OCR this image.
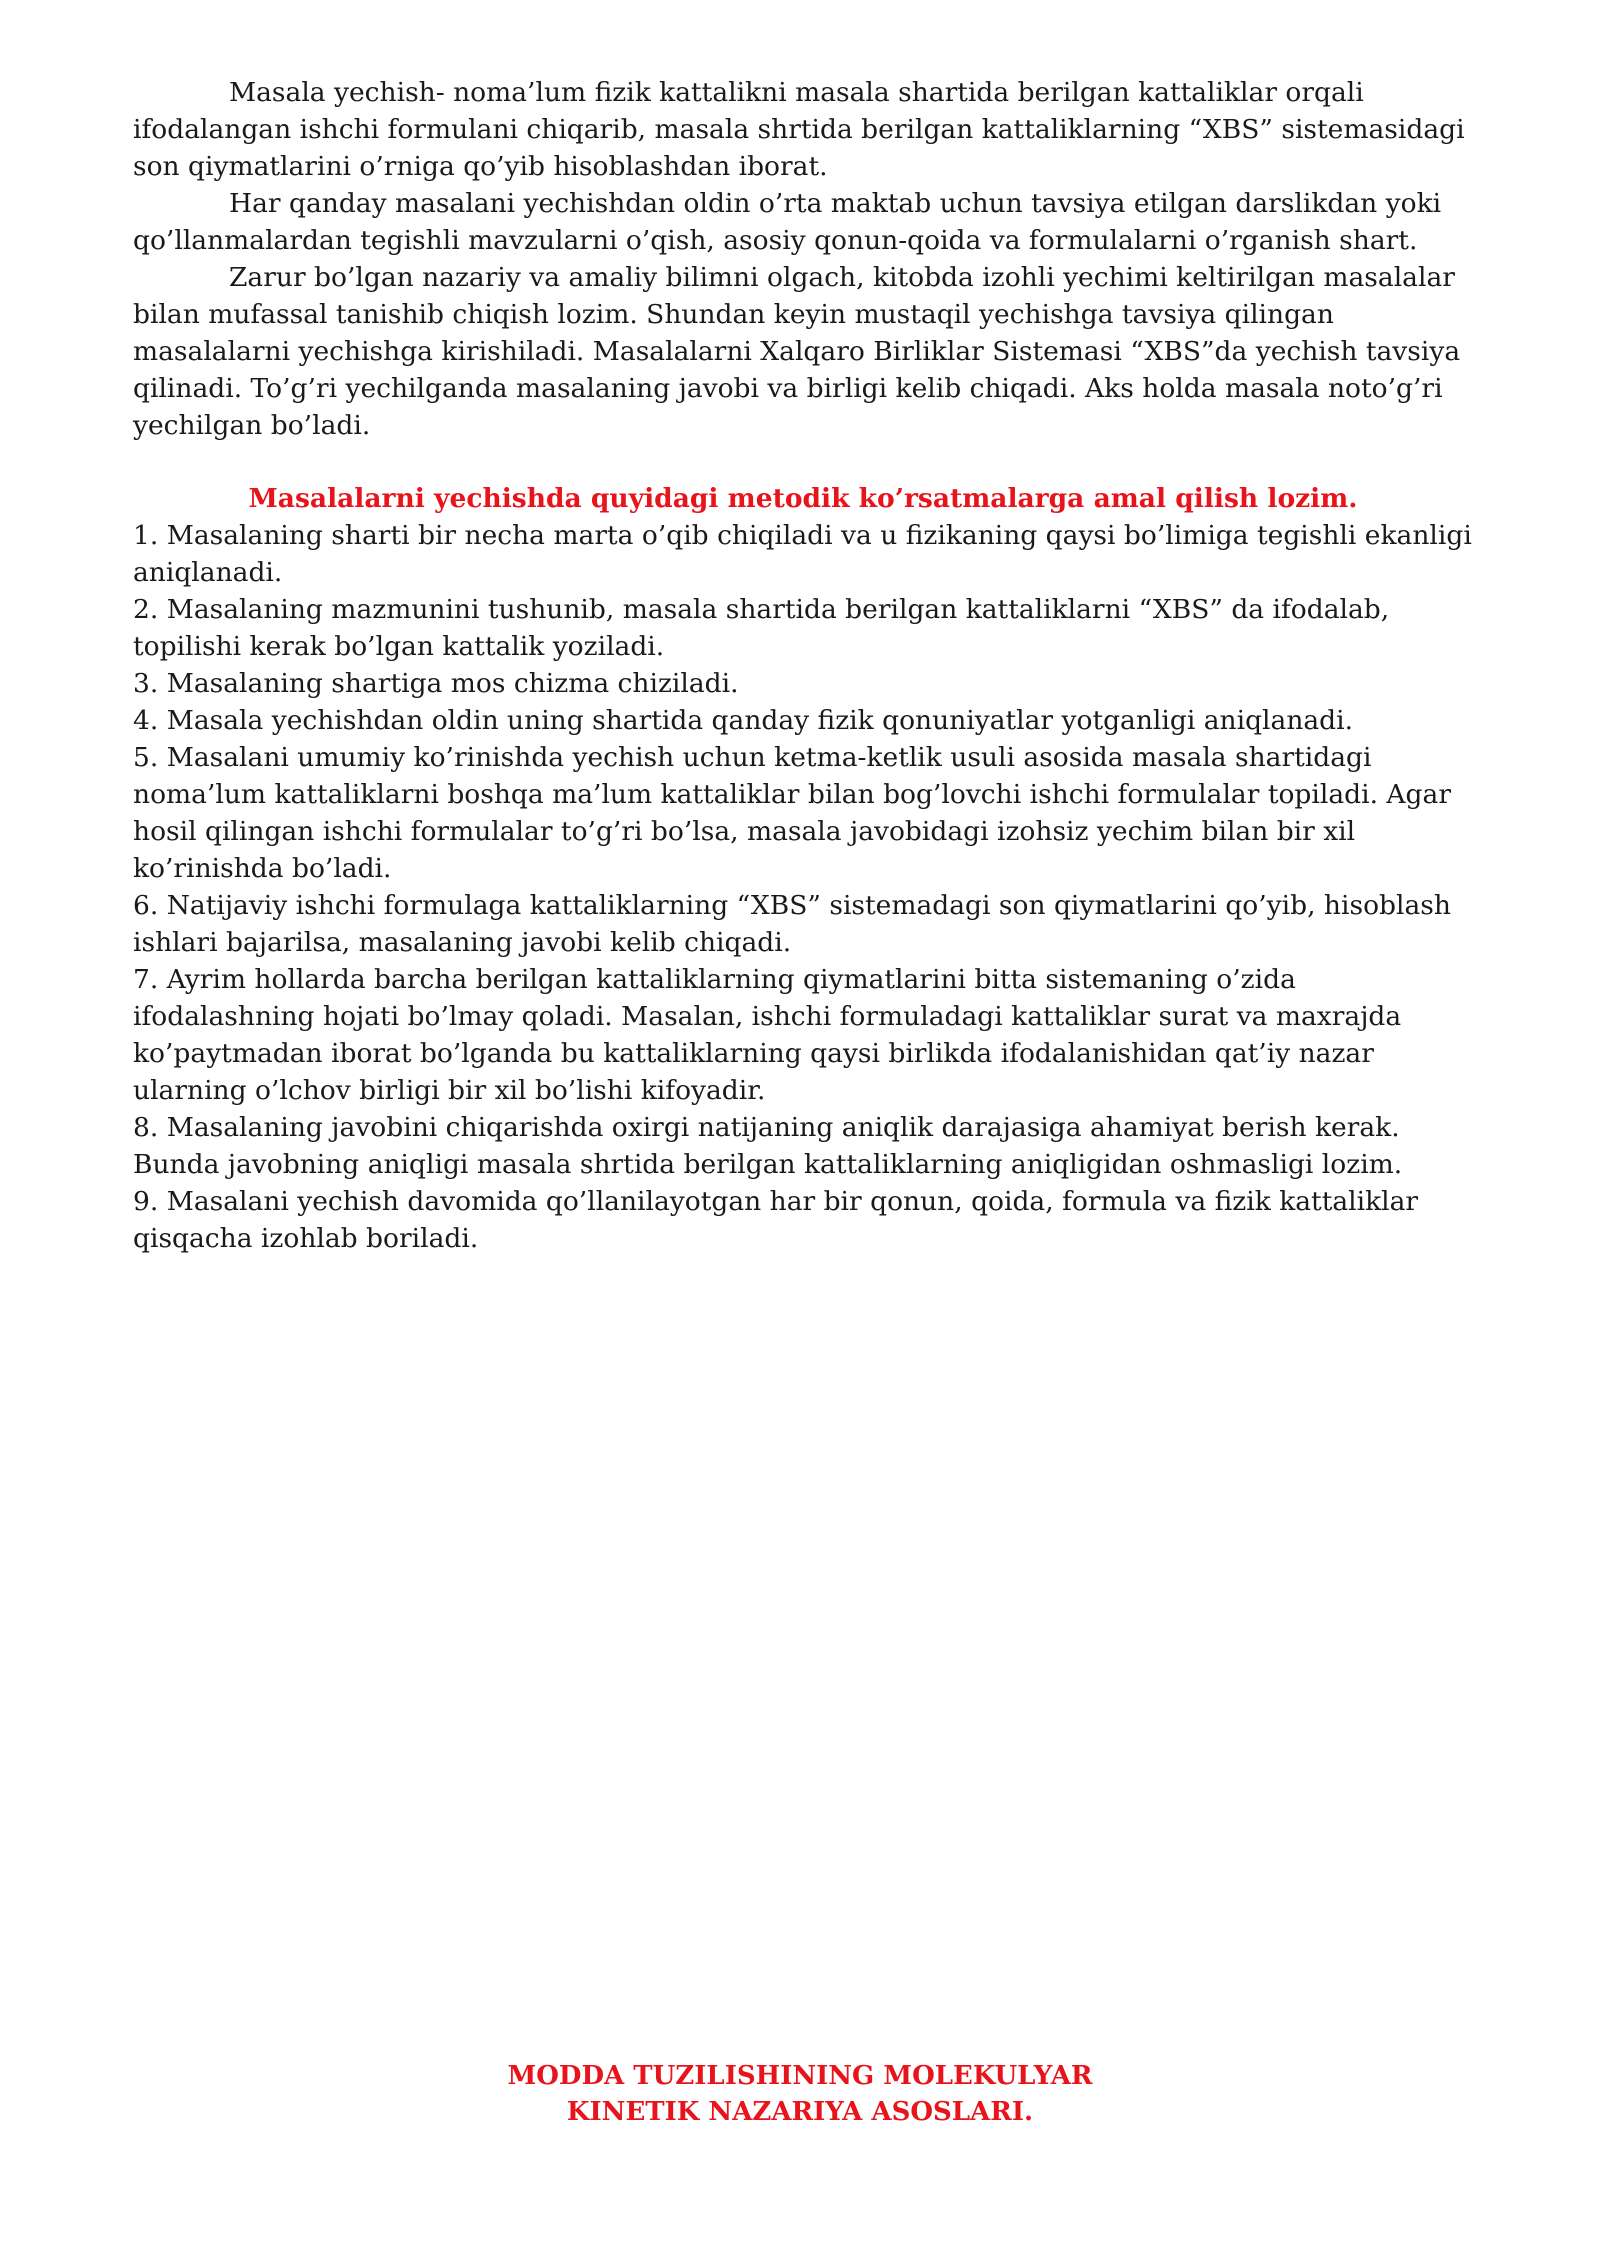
Masala yechish- noma’lum fizik kattalikni masala shartida berilgan kattaliklar orqali ifodalangan ishchi formulani chiqarib, masala shrtida berilgan kattaliklarning “XBS” sistemasidagi son qiymatlarini o’rniga qo’yib hisoblashdan iborat.

Har qanday masalani yechishdan oldin o’rta maktab uchun tavsiya etilgan darslikdan yoki qo’llanmalardan tegishli mavzularni o’qish, asosiy qonun-qoida va formulalarni o’rganish shart.

Zarur bo’lgan nazariy va amaliy bilimni olgach, kitobda izohli yechimi keltirilgan masalalar bilan mufassal tanishib chiqish lozim. Shundan keyin mustaqil yechishga tavsiya qilingan masalalarni yechishga kirishiladi. Masalalarni Xalqaro Birliklar Sistemasi “XBS”da yechish tavsiya qilinadi. To’g’ri yechilganda masalaning javobi va birligi kelib chiqadi. Aks holda masala noto’g’ri yechilgan bo’ladi.

Masalalarni yechishda quyidagi metodik ko’rsatmalarga amal qilish lozim.

1. Masalaning sharti bir necha marta o’qib chiqiladi va u fizikaning qaysi bo’limiga tegishli ekanligi aniqlanadi.
2. Masalaning mazmunini tushunib, masala shartida berilgan kattaliklarni “XBS” da ifodalab, topilishi kerak bo’lgan kattalik yoziladi.
3. Masalaning shartiga mos chizma chiziladi.
4. Masala yechishdan oldin uning shartida qanday fizik qonuniyatlar yotganligi aniqlanadi.
5. Masalani umumiy ko’rinishda yechish uchun ketma-ketlik usuli asosida masala shartidagi noma’lum kattaliklarni boshqa ma’lum kattaliklar bilan bog’lovchi ishchi formulalar topiladi. Agar hosil qilingan ishchi formulalar to’g’ri bo’lsa, masala javobidagi izohsiz yechim bilan bir xil ko’rinishda bo’ladi.
6. Natijaviy ishchi formulaga kattaliklarning “XBS” sistemadagi son qiymatlarini qo’yib, hisoblash ishlari bajarilsa, masalaning javobi kelib chiqadi.
7. Ayrim hollarda barcha berilgan kattaliklarning qiymatlarini bitta sistemaning o’zida ifodalashning hojati bo’lmay qoladi. Masalan, ishchi formuladagi kattaliklar surat va maxrajda ko’paytmadan iborat bo’lganda bu kattaliklarning qaysi birlikda ifodalanishidan qat’iy nazar ularning o’lchov birligi bir xil bo’lishi kifoyadir.
8. Masalaning javobini chiqarishda oxirgi natijaning aniqlik darajasiga ahamiyat berish kerak. Bunda javobning aniqligi masala shrtida berilgan kattaliklarning aniqligidan oshmasligi lozim.
9. Masalani yechish davomida qo’llanilayotgan har bir qonun, qoida, formula va fizik kattaliklar qisqacha izohlab boriladi.
MODDA TUZILISHINING MOLEKULYAR
KINETIK NAZARIYA ASOSLARI.
